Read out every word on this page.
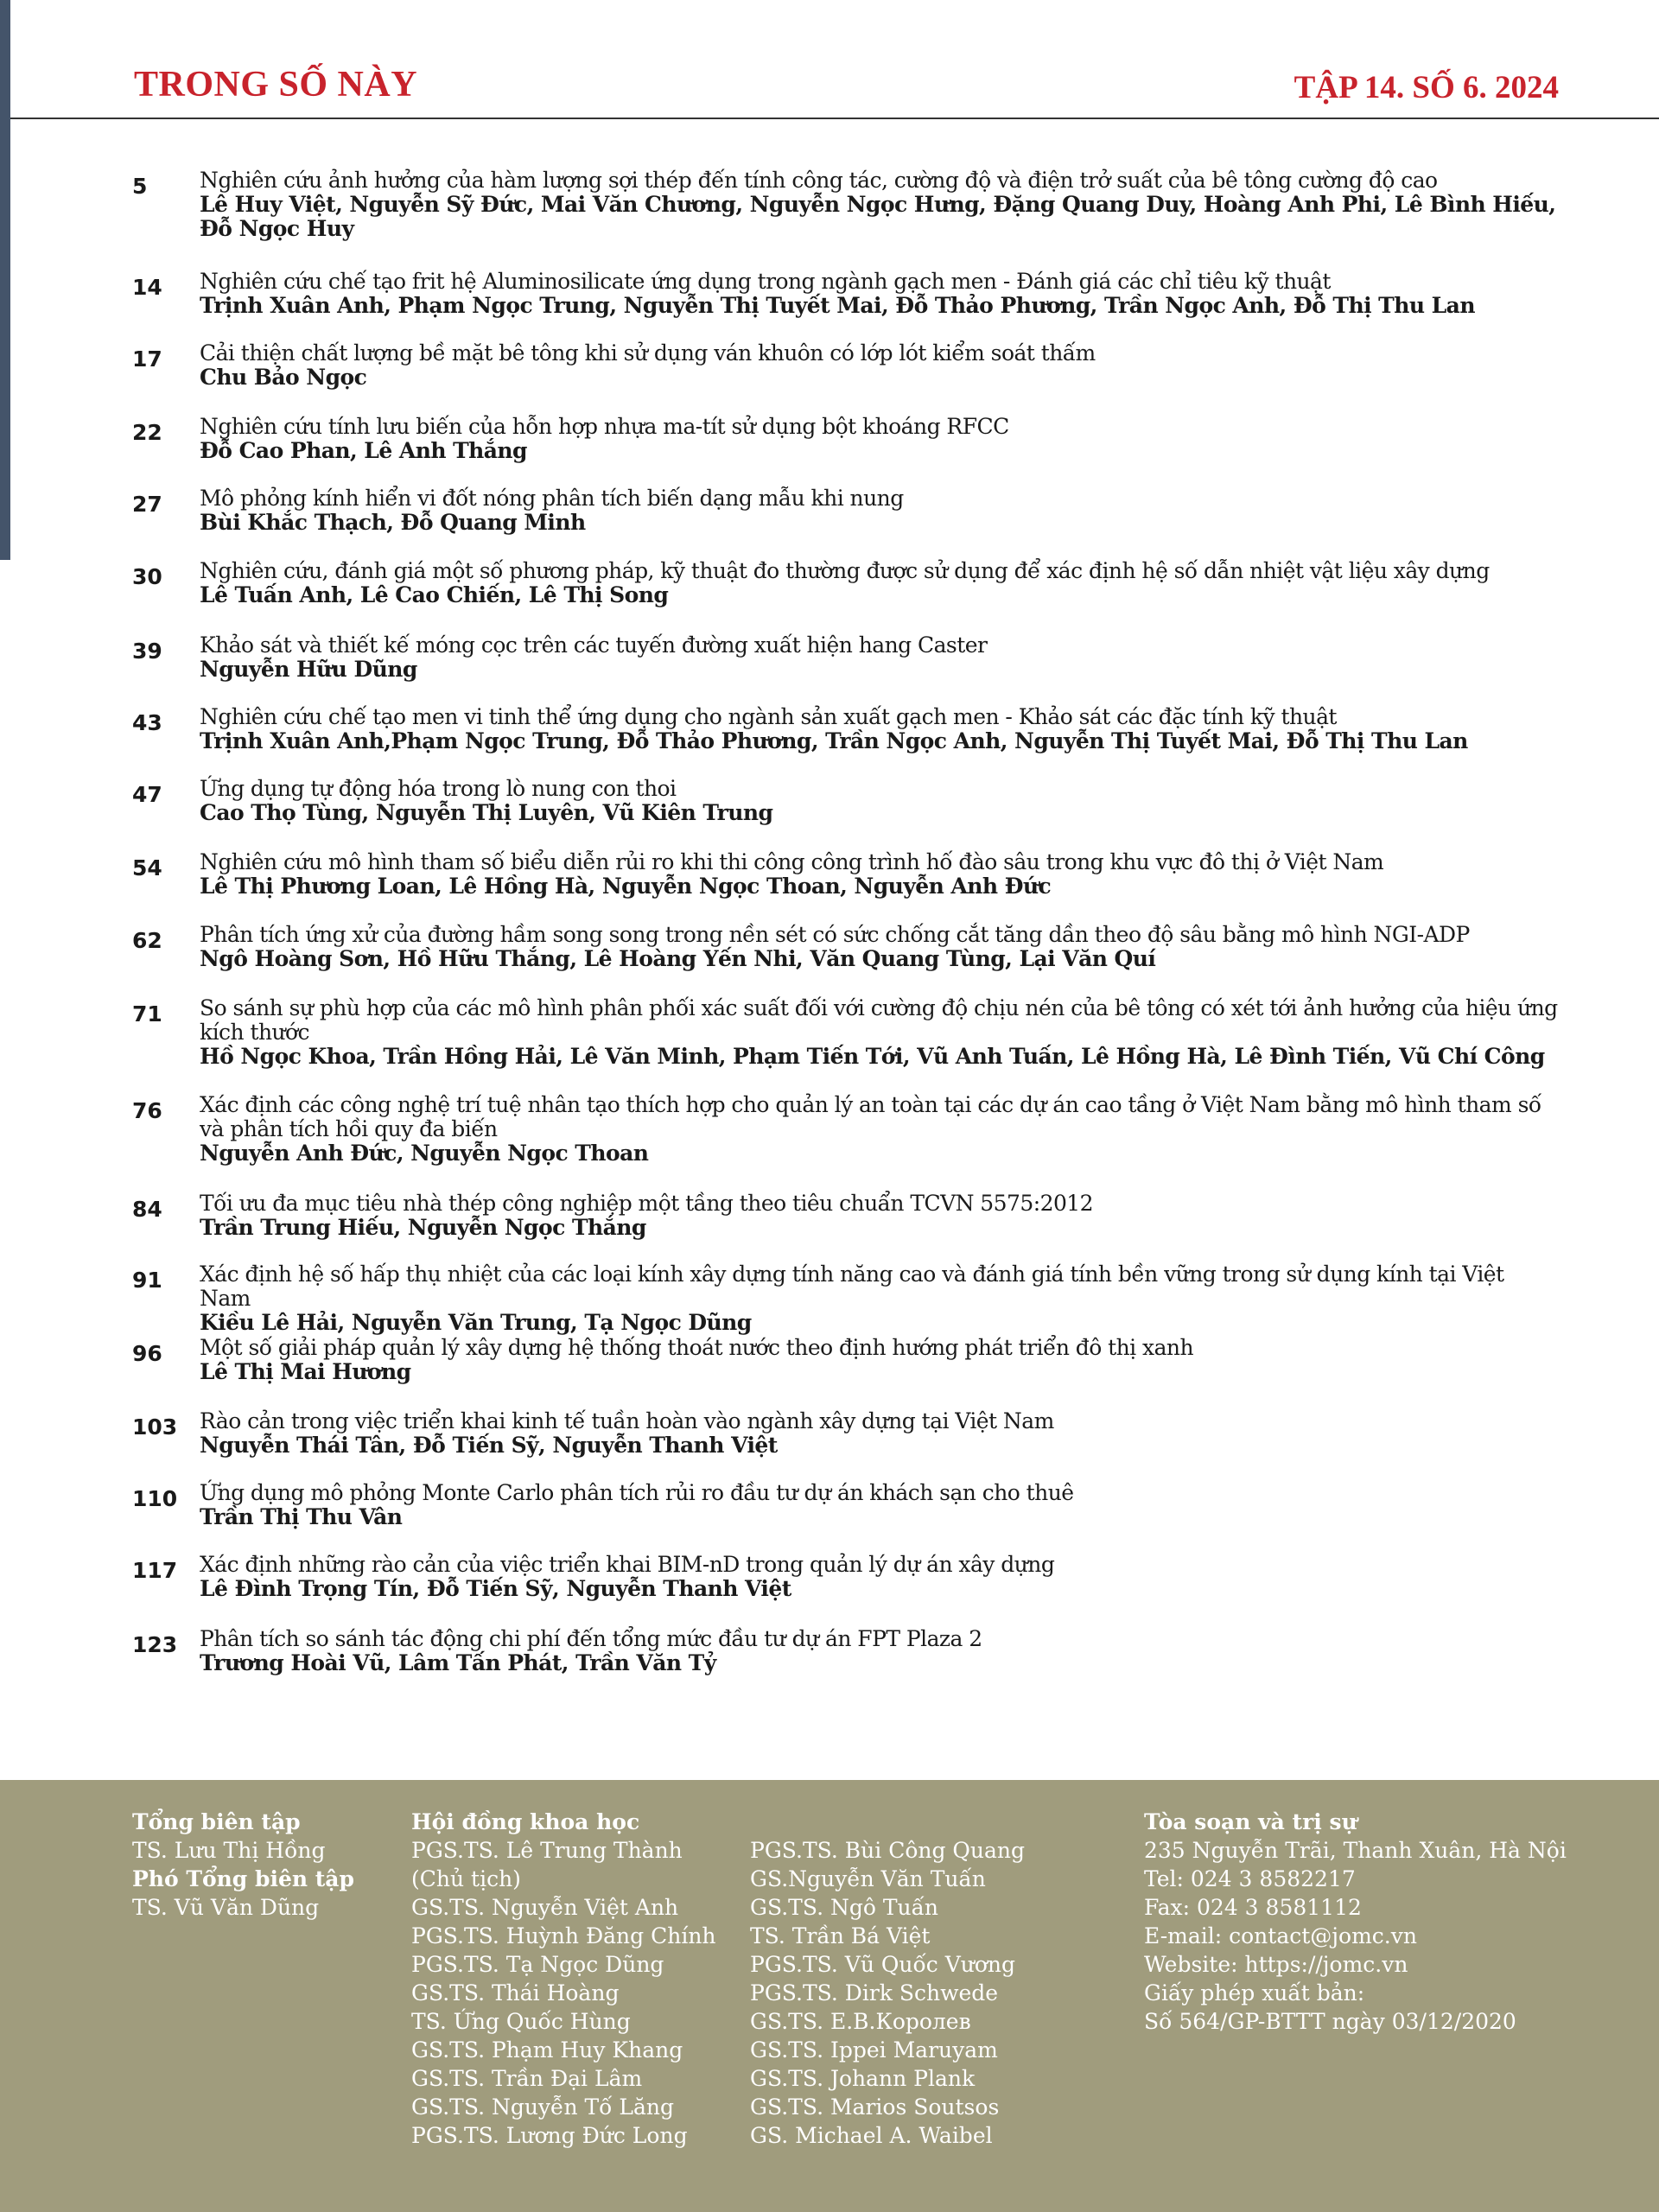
TRONG SỐ NÀY	TẬP 14. SỐ 6. 2024
5	Nghiên cứu ảnh hưởng của hàm lượng sợi thép đến tính công tác, cường độ và điện trở suất của bê tông cường độ cao
Lê Huy Việt, Nguyễn Sỹ Đức, Mai Văn Chương, Nguyễn Ngọc Hưng, Đặng Quang Duy, Hoàng Anh Phi, Lê Bình Hiếu, Đỗ Ngọc Huy
14	Nghiên cứu chế tạo frit hệ Aluminosilicate ứng dụng trong ngành gạch men - Đánh giá các chỉ tiêu kỹ thuật
Trịnh Xuân Anh, Phạm Ngọc Trung, Nguyễn Thị Tuyết Mai, Đỗ Thảo Phương, Trần Ngọc Anh, Đỗ Thị Thu Lan
17	Cải thiện chất lượng bề mặt bê tông khi sử dụng ván khuôn có lớp lót kiểm soát thấm
Chu Bảo Ngọc
22	Nghiên cứu tính lưu biến của hỗn hợp nhựa ma-tít sử dụng bột khoáng RFCC
Đỗ Cao Phan, Lê Anh Thắng
27	Mô phỏng kính hiển vi đốt nóng phân tích biến dạng mẫu khi nung
Bùi Khắc Thạch, Đỗ Quang Minh
30	Nghiên cứu, đánh giá một số phương pháp, kỹ thuật đo thường được sử dụng để xác định hệ số dẫn nhiệt vật liệu xây dựng
Lê Tuấn Anh, Lê Cao Chiến, Lê Thị Song
39	Khảo sát và thiết kế móng cọc trên các tuyến đường xuất hiện hang Caster
Nguyễn Hữu Dũng
43	Nghiên cứu chế tạo men vi tinh thể ứng dụng cho ngành sản xuất gạch men - Khảo sát các đặc tính kỹ thuật
Trịnh Xuân Anh,Phạm Ngọc Trung, Đỗ Thảo Phương, Trần Ngọc Anh, Nguyễn Thị Tuyết Mai, Đỗ Thị Thu Lan
47	Ứng dụng tự động hóa trong lò nung con thoi
Cao Thọ Tùng, Nguyễn Thị Luyên, Vũ Kiên Trung
54	Nghiên cứu mô hình tham số biểu diễn rủi ro khi thi công công trình hố đào sâu trong khu vực đô thị ở Việt Nam
Lê Thị Phương Loan, Lê Hồng Hà, Nguyễn Ngọc Thoan, Nguyễn Anh Đức
62	Phân tích ứng xử của đường hầm song song trong nền sét có sức chống cắt tăng dần theo độ sâu bằng mô hình NGI-ADP
Ngô Hoàng Sơn, Hồ Hữu Thắng, Lê Hoàng Yến Nhi, Văn Quang Tùng, Lại Văn Quí
71	So sánh sự phù hợp của các mô hình phân phối xác suất đối với cường độ chịu nén của bê tông có xét tới ảnh hưởng của hiệu ứng kích thước
Hồ Ngọc Khoa, Trần Hồng Hải, Lê Văn Minh, Phạm Tiến Tới, Vũ Anh Tuấn, Lê Hồng Hà, Lê Đình Tiến, Vũ Chí Công
76	Xác định các công nghệ trí tuệ nhân tạo thích hợp cho quản lý an toàn tại các dự án cao tầng ở Việt Nam bằng mô hình tham số và phân tích hồi quy đa biến
Nguyễn Anh Đức, Nguyễn Ngọc Thoan
84	Tối ưu đa mục tiêu nhà thép công nghiệp một tầng theo tiêu chuẩn TCVN 5575:2012
Trần Trung Hiếu, Nguyễn Ngọc Thắng
91	Xác định hệ số hấp thụ nhiệt của các loại kính xây dựng tính năng cao và đánh giá tính bền vững trong sử dụng kính tại Việt Nam
Kiều Lê Hải, Nguyễn Văn Trung, Tạ Ngọc Dũng
96	Một số giải pháp quản lý xây dựng hệ thống thoát nước theo định hướng phát triển đô thị xanh
Lê Thị Mai Hương
103	Rào cản trong việc triển khai kinh tế tuần hoàn vào ngành xây dựng tại Việt Nam
Nguyễn Thái Tân, Đỗ Tiến Sỹ, Nguyễn Thanh Việt
110	Ứng dụng mô phỏng Monte Carlo phân tích rủi ro đầu tư dự án khách sạn cho thuê
Trần Thị Thu Vân
117	Xác định những rào cản của việc triển khai BIM-nD trong quản lý dự án xây dựng
Lê Đình Trọng Tín, Đỗ Tiến Sỹ, Nguyễn Thanh Việt
123	Phân tích so sánh tác động chi phí đến tổng mức đầu tư dự án FPT Plaza 2
Trương Hoài Vũ, Lâm Tấn Phát, Trần Văn Tỷ
Tổng biên tập
TS. Lưu Thị Hồng
Phó Tổng biên tập
TS. Vũ Văn Dũng
Hội đồng khoa học
PGS.TS. Lê Trung Thành
(Chủ tịch)
GS.TS. Nguyễn Việt Anh
PGS.TS. Huỳnh Đăng Chính
PGS.TS. Tạ Ngọc Dũng
GS.TS. Thái Hoàng
TS. Ứng Quốc Hùng
GS.TS. Phạm Huy Khang
GS.TS. Trần Đại Lâm
GS.TS. Nguyễn Tố Lăng
PGS.TS. Lương Đức Long
PGS.TS. Bùi Công Quang
GS.Nguyễn Văn Tuấn
GS.TS. Ngô Tuấn
TS. Trần Bá Việt
PGS.TS. Vũ Quốc Vương
PGS.TS. Dirk Schwede
GS.TS. E.B.Королев
GS.TS. Ippei Maruyam
GS.TS. Johann Plank
GS.TS. Marios Soutsos
GS. Michael A. Waibel
Tòa soạn và trị sự
235 Nguyễn Trãi, Thanh Xuân, Hà Nội
Tel: 024 3 8582217
Fax: 024 3 8581112
E-mail: contact@jomc.vn
Website: https://jomc.vn
Giấy phép xuất bản:
Số 564/GP-BTTT ngày 03/12/2020
